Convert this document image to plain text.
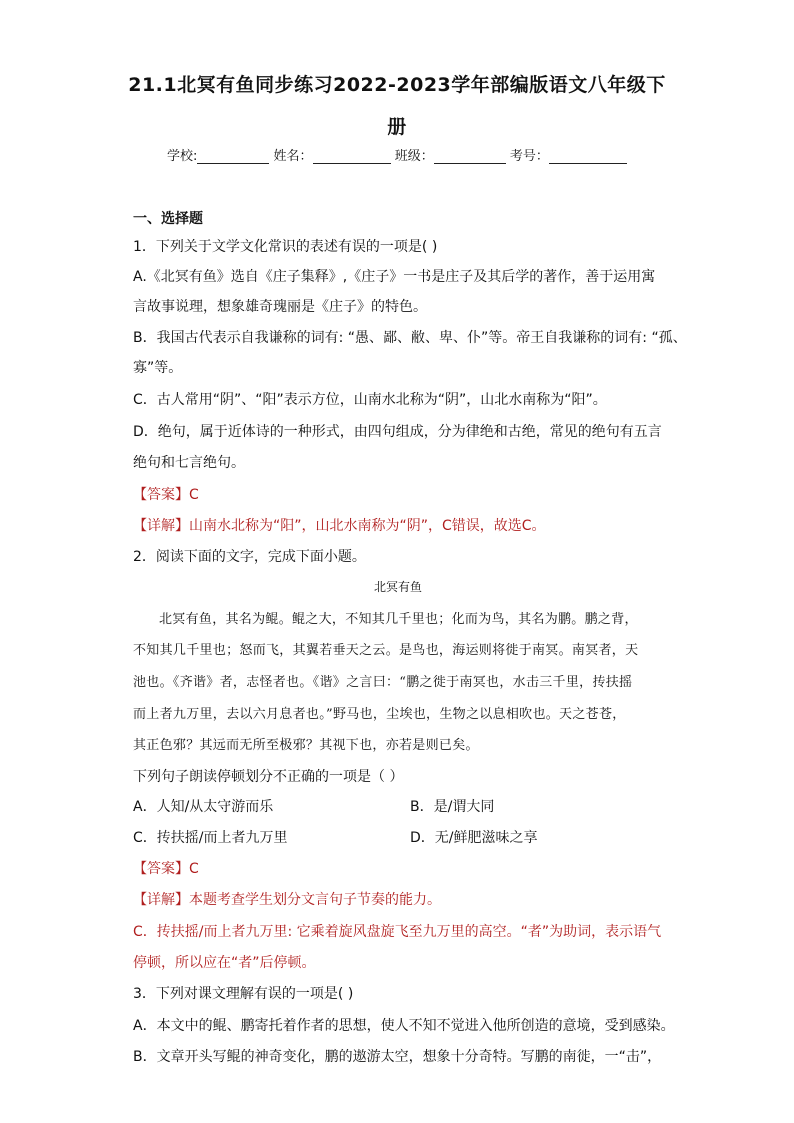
21.1北冥有鱼同步练习2022-2023学年部编版语文八年级下
册
学校:	姓名：	班级：	考号：
一、选择题
1．下列关于文学文化常识的表述有误的一项是( )
A.《北冥有鱼》选自《庄子集释》,《庄子》一书是庄子及其后学的著作，善于运用寓
言故事说理，想象雄奇瑰丽是《庄子》的特色。
B．我国古代表示自我谦称的词有: “愚、鄙、敝、卑、仆”等。帝王自我谦称的词有: “孤、
寡”等。
C．古人常用“阴”、“阳”表示方位，山南水北称为“阴”，山北水南称为“阳”。
D．绝句，属于近体诗的一种形式，由四句组成，分为律绝和古绝，常见的绝句有五言
绝句和七言绝句。
【答案】C
【详解】山南水北称为“阳”，山北水南称为“阴”，C错误，故选C。
2．阅读下面的文字，完成下面小题。
北冥有鱼
北冥有鱼，其名为鲲。鲲之大，不知其几千里也；化而为鸟，其名为鹏。鹏之背，
不知其几千里也；怒而飞，其翼若垂天之云。是鸟也，海运则将徙于南冥。南冥者，天
池也。《齐谐》者，志怪者也。《谐》之言曰：“鹏之徙于南冥也，水击三千里，抟扶摇
而上者九万里，去以六月息者也。”野马也，尘埃也，生物之以息相吹也。天之苍苍，
其正色邪？其远而无所至极邪？其视下也，亦若是则已矣。
下列句子朗读停顿划分不正确的一项是（ ）
A．人知/从太守游而乐	B．是/谓大同
C．抟扶摇/而上者九万里	D．无/鲜肥滋味之享
【答案】C
【详解】本题考查学生划分文言句子节奏的能力。
C．抟扶摇/而上者九万里: 它乘着旋风盘旋飞至九万里的高空。“者”为助词，表示语气
停顿，所以应在“者”后停顿。
3．下列对课文理解有误的一项是( )
A．本文中的鲲、鹏寄托着作者的思想，使人不知不觉进入他所创造的意境，受到感染。
B．文章开头写鲲的神奇变化，鹏的遨游太空，想象十分奇特。写鹏的南徙，一“击”，
